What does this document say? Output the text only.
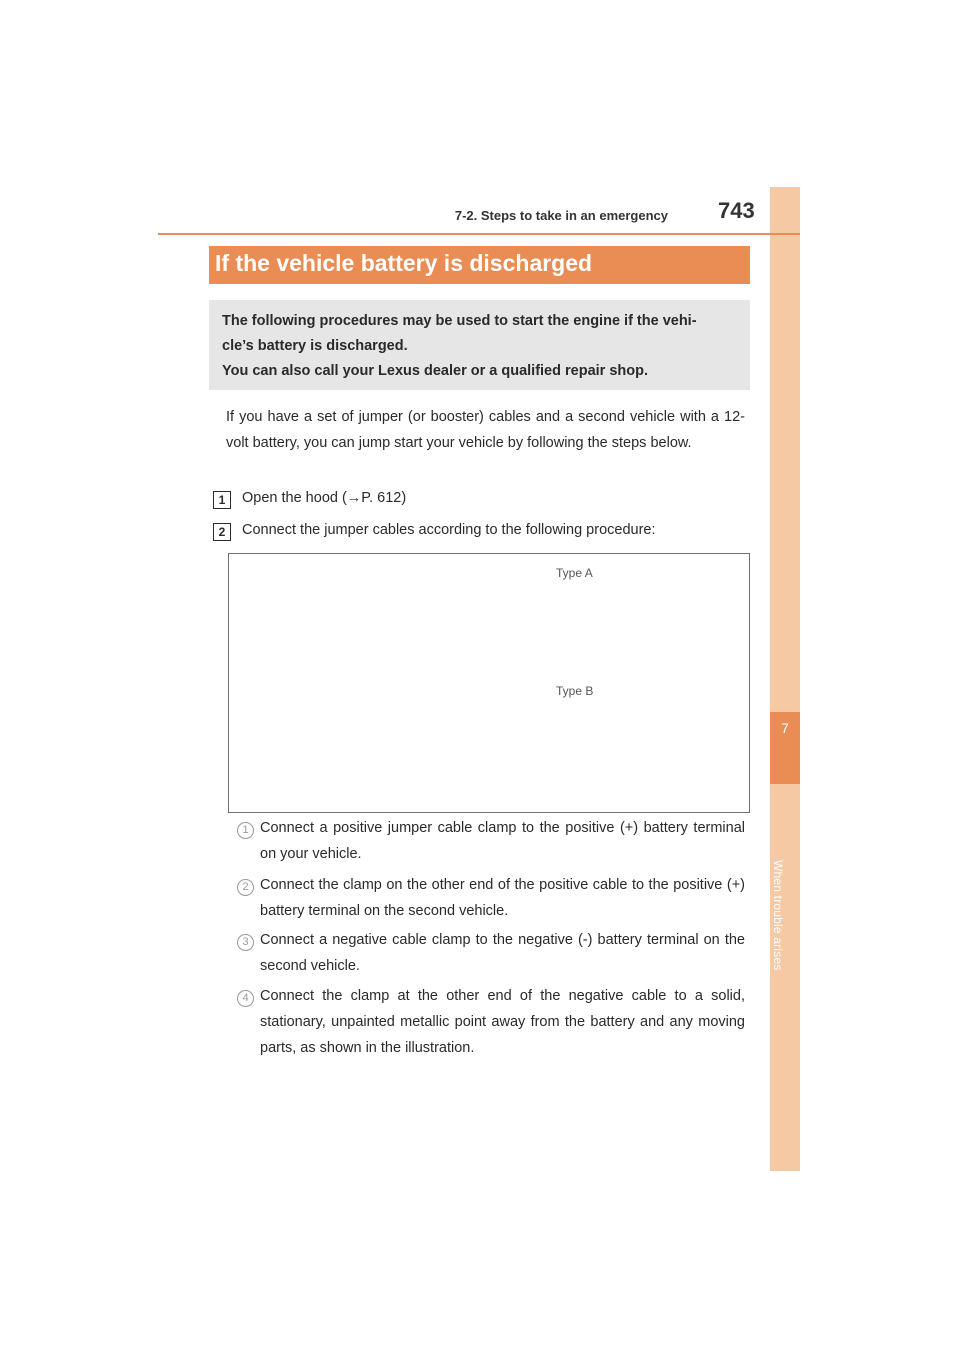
7
When trouble arises
7-2. Steps to take in an emergency 743
If the vehicle battery is discharged
The following procedures may be used to start the engine if the vehi-
cle’s battery is discharged.
You can also call your Lexus dealer or a qualified repair shop.
If you have a set of jumper (or booster) cables and a second vehicle with a 12-volt battery, you can jump start your vehicle by following the steps below.
1	Open the hood (→P. 612)
2	Connect the jumper cables according to the following procedure:
Type A
Type B
1 Connect a positive jumper cable clamp to the positive (+) battery terminal on your vehicle.
2 Connect the clamp on the other end of the positive cable to the positive (+) battery terminal on the second vehicle.
3 Connect a negative cable clamp to the negative (-) battery terminal on the second vehicle.
4 Connect the clamp at the other end of the negative cable to a solid, stationary, unpainted metallic point away from the battery and any moving parts, as shown in the illustration.
